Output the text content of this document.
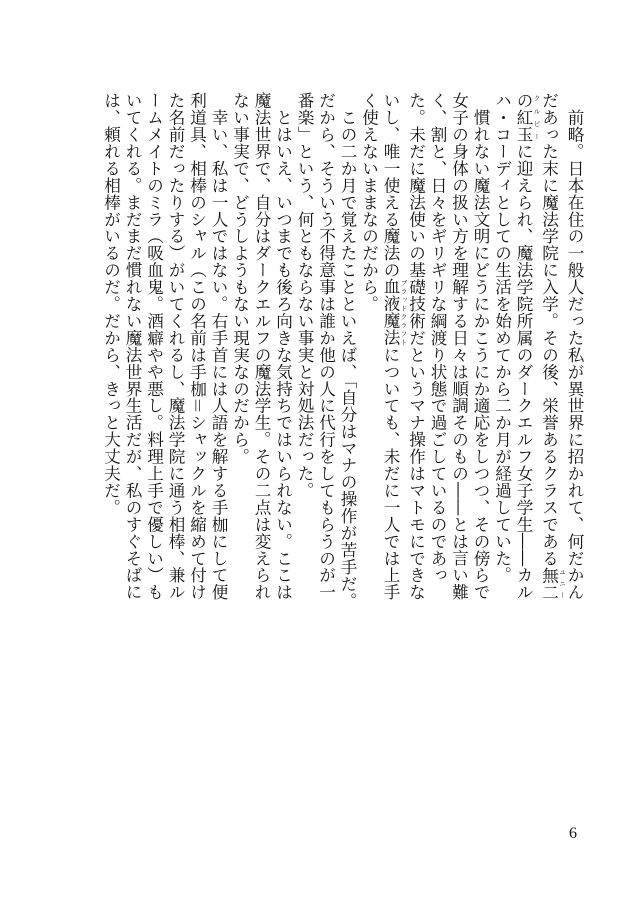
　前略。日本在住の一般人だった私が異世界に招かれて、何だかんだあった末に魔法学院に入学。その後、栄誉あるクラスである無二の紅玉ユニークルビーに迎えられ、魔法学院所属のダークエルフ女子学生――カルハ・コーディとしての生活を始めてから二か月が経過していた。

　慣れない魔法文明にどうにかこうにか適応をしつつ、その傍らで女子の身体の扱い方を理解する日々は順調そのもの――とは言い難く、割と、日々をギリギリな綱渡り状態で過ごしているのであった。未だに魔法使いの基礎技術だというマナ操作はマトモにできないし、唯一使える魔法の血液魔法 ブラッドクラフトについても、未だに一人では上手く使えないままなのだから。

　この二か月で覚えたことといえば、「自分はマナの操作が苦手だ。だから、そういう不得意事は誰か他の人に代行をしてもらうのが一番楽」という、何ともならない事実と対処法だった。

　とはいえ、いつまでも後ろ向きな気持ちではいられない。ここは魔法世界で、自分はダークエルフの魔法学生。その二点は変えられない事実で、どうしようもない現実なのだから。

　幸い、私は一人ではない。右手首には人語を解する手枷にして便利道具、相棒のシャル（この名前は手枷＝シャックルを縮めて付けた名前だったりする）がいてくれるし、魔法学院に通う相棒、兼ルームメイトのミラ（吸血鬼。酒癖やや悪し。料理上手で優しい）もいてくれる。まだまだ慣れない魔法世界生活だが、私のすぐそばには、頼れる相棒がいるのだ。だから、きっと大丈夫だ。

6
